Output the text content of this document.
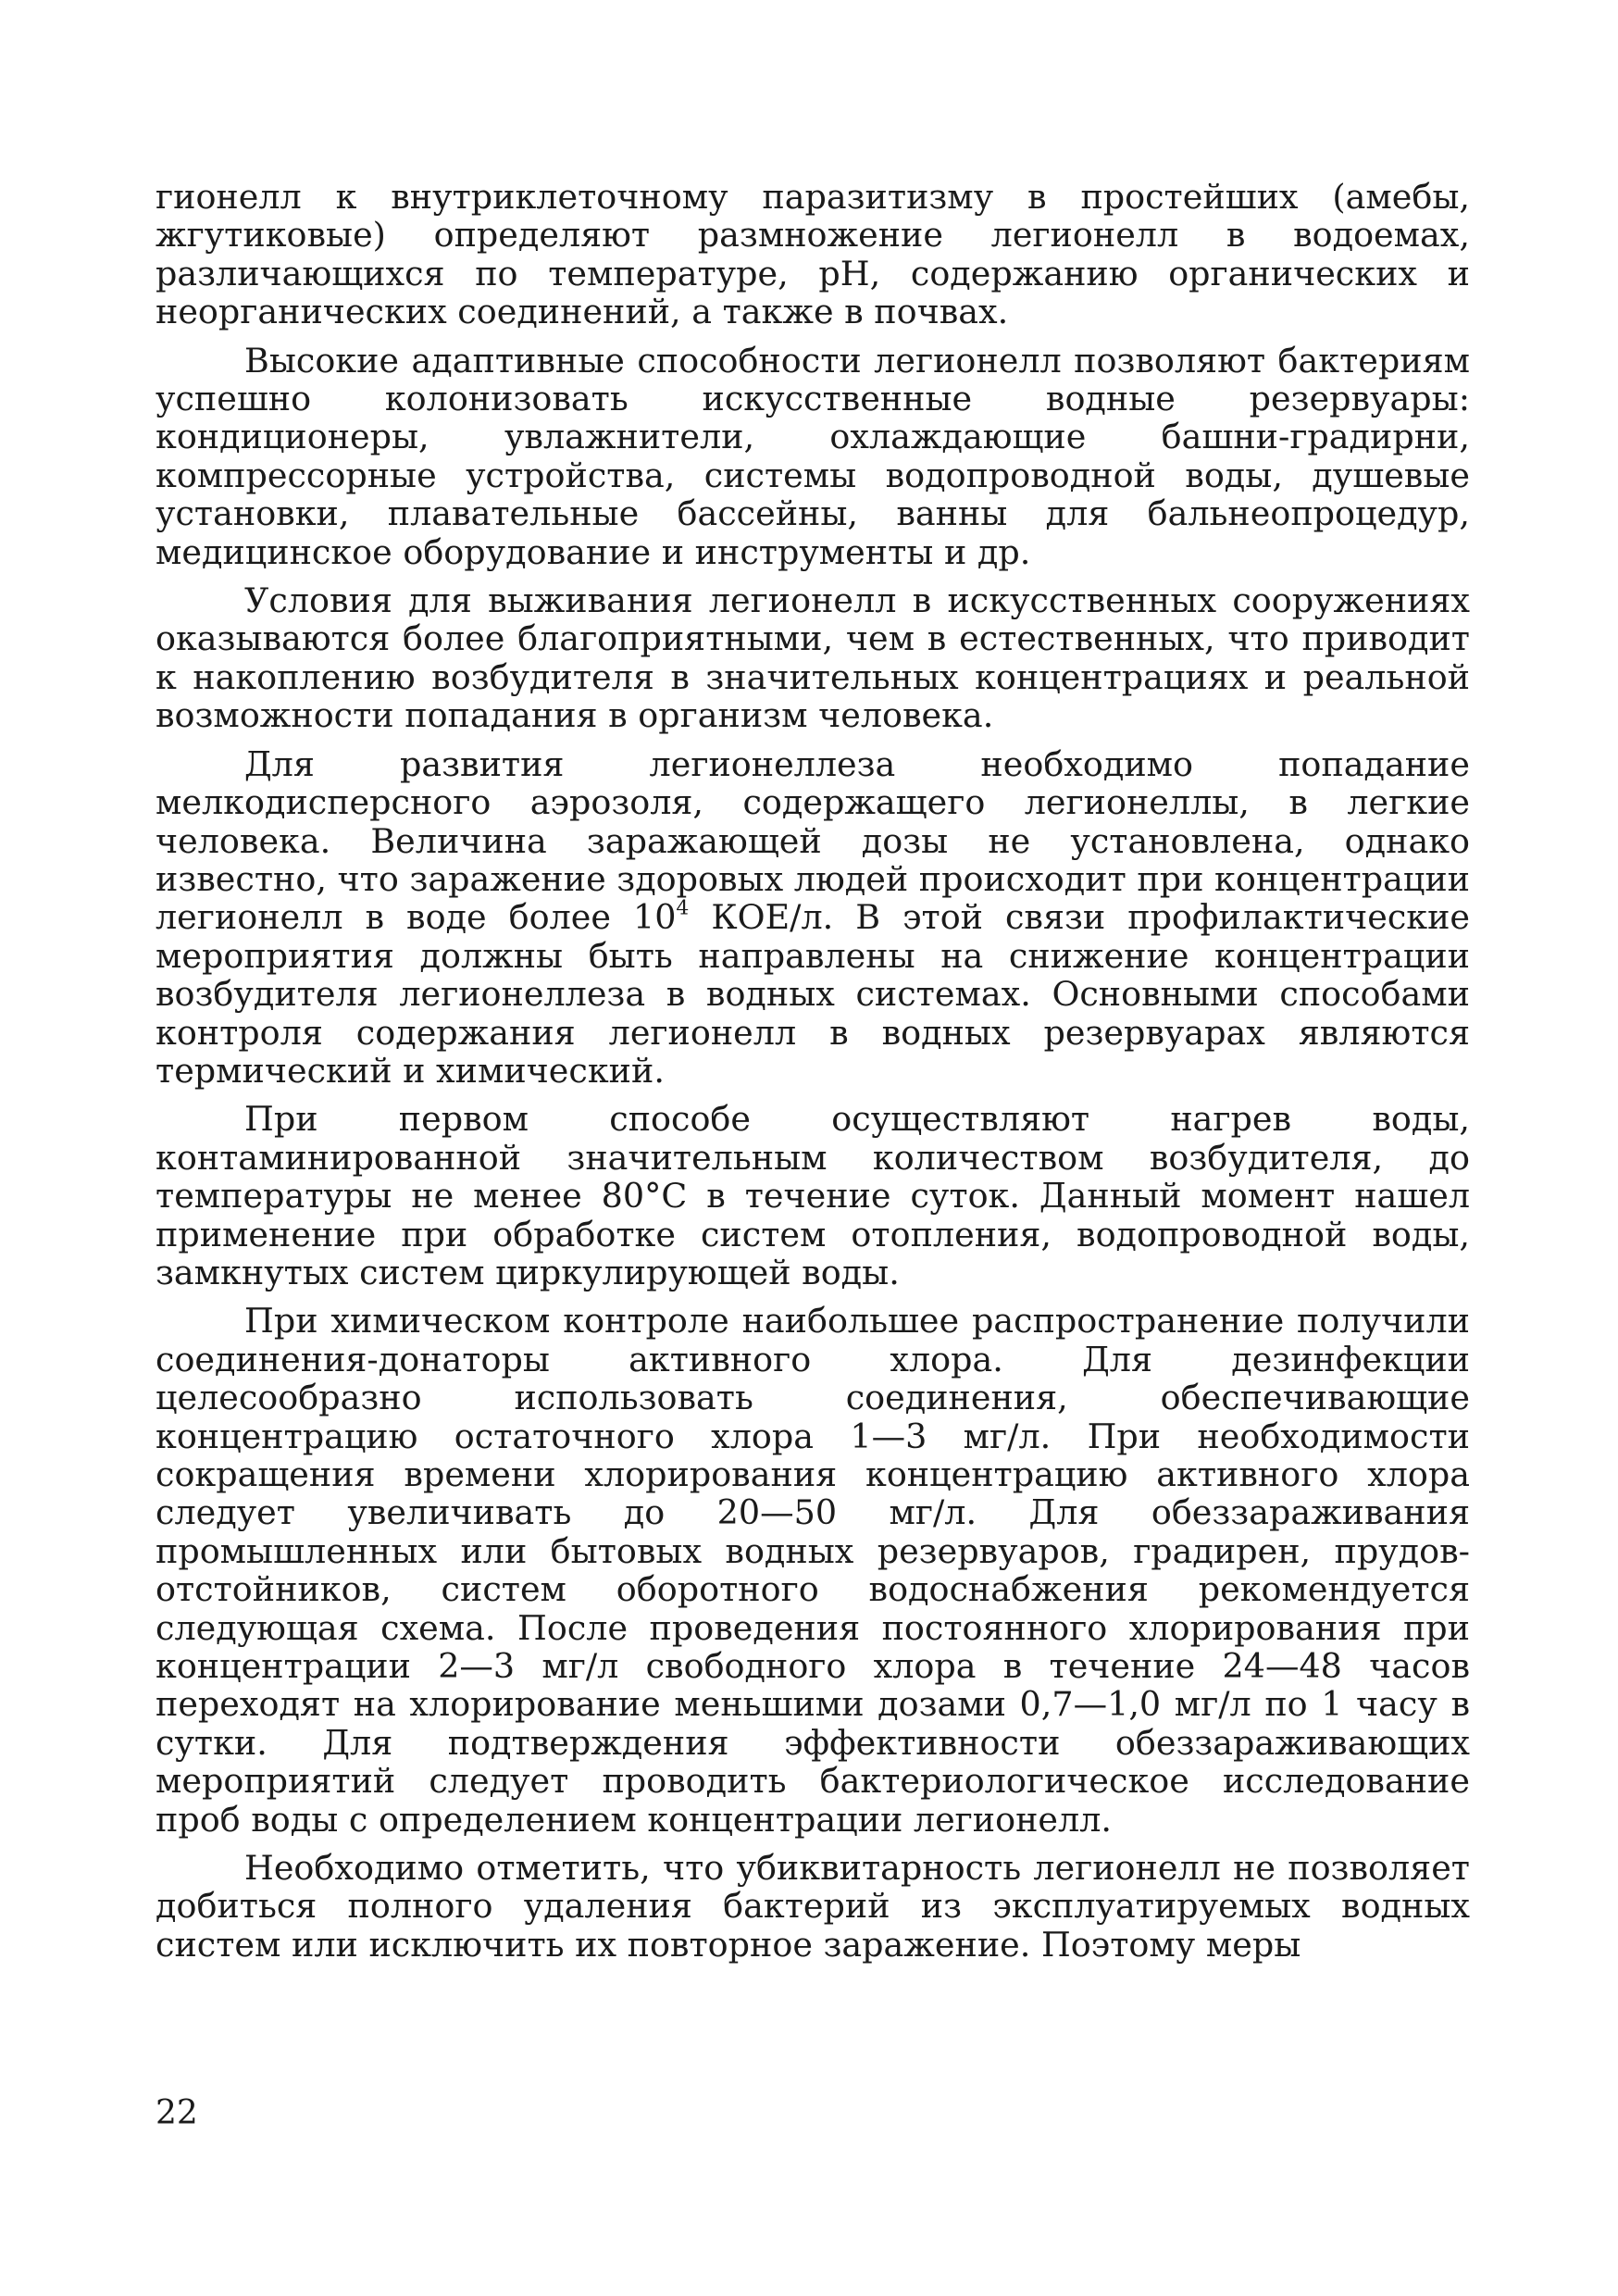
гионелл к внутриклеточному паразитизму в простейших (амебы, жгутиковые) определяют размножение легионелл в водоемах, различающихся по температуре, pH, содержанию органических и неорганических соединений, а также в почвах.

Высокие адаптивные способности легионелл позволяют бактериям успешно колонизовать искусственные водные резервуары: кондиционеры, увлажнители, охлаждающие башни-градирни, компрессорные устройства, системы водопроводной воды, душевые установки, плавательные бассейны, ванны для бальнеопроцедур, медицинское оборудование и инструменты и др.

Условия для выживания легионелл в искусственных сооружениях оказываются более благоприятными, чем в естественных, что приводит к накоплению возбудителя в значительных концентрациях и реальной возможности попадания в организм человека.

Для развития легионеллеза необходимо попадание мелкодисперсного аэрозоля, содержащего легионеллы, в легкие человека. Величина заражающей дозы не установлена, однако известно, что заражение здоровых людей происходит при концентрации легионелл в воде более $10^4$ КОЕ/л. В этой связи профилактические мероприятия должны быть направлены на снижение концентрации возбудителя легионеллеза в водных системах. Основными способами контроля содержания легионелл в водных резервуарах являются термический и химический.

При первом способе осуществляют нагрев воды, контаминированной значительным количеством возбудителя, до температуры не менее 80°С в течение суток. Данный момент нашел применение при обработке систем отопления, водопроводной воды, замкнутых систем циркулирующей воды.

При химическом контроле наибольшее распространение получили соединения-донаторы активного хлора. Для дезинфекции целесообразно использовать соединения, обеспечивающие концентрацию остаточного хлора 1—3 мг/л. При необходимости сокращения времени хлорирования концентрацию активного хлора следует увеличивать до 20—50 мг/л. Для обеззараживания промышленных или бытовых водных резервуаров, градирен, прудов-отстойников, систем оборотного водоснабжения рекомендуется следующая схема. После проведения постоянного хлорирования при концентрации 2—3 мг/л свободного хлора в течение 24—48 часов переходят на хлорирование меньшими дозами 0,7—1,0 мг/л по 1 часу в сутки. Для подтверждения эффективности обеззараживающих мероприятий следует проводить бактериологическое исследование проб воды с определением концентрации легионелл.

Необходимо отметить, что убиквитарность легионелл не позволяет добиться полного удаления бактерий из эксплуатируемых водных систем или исключить их повторное заражение. Поэтому меры

22
